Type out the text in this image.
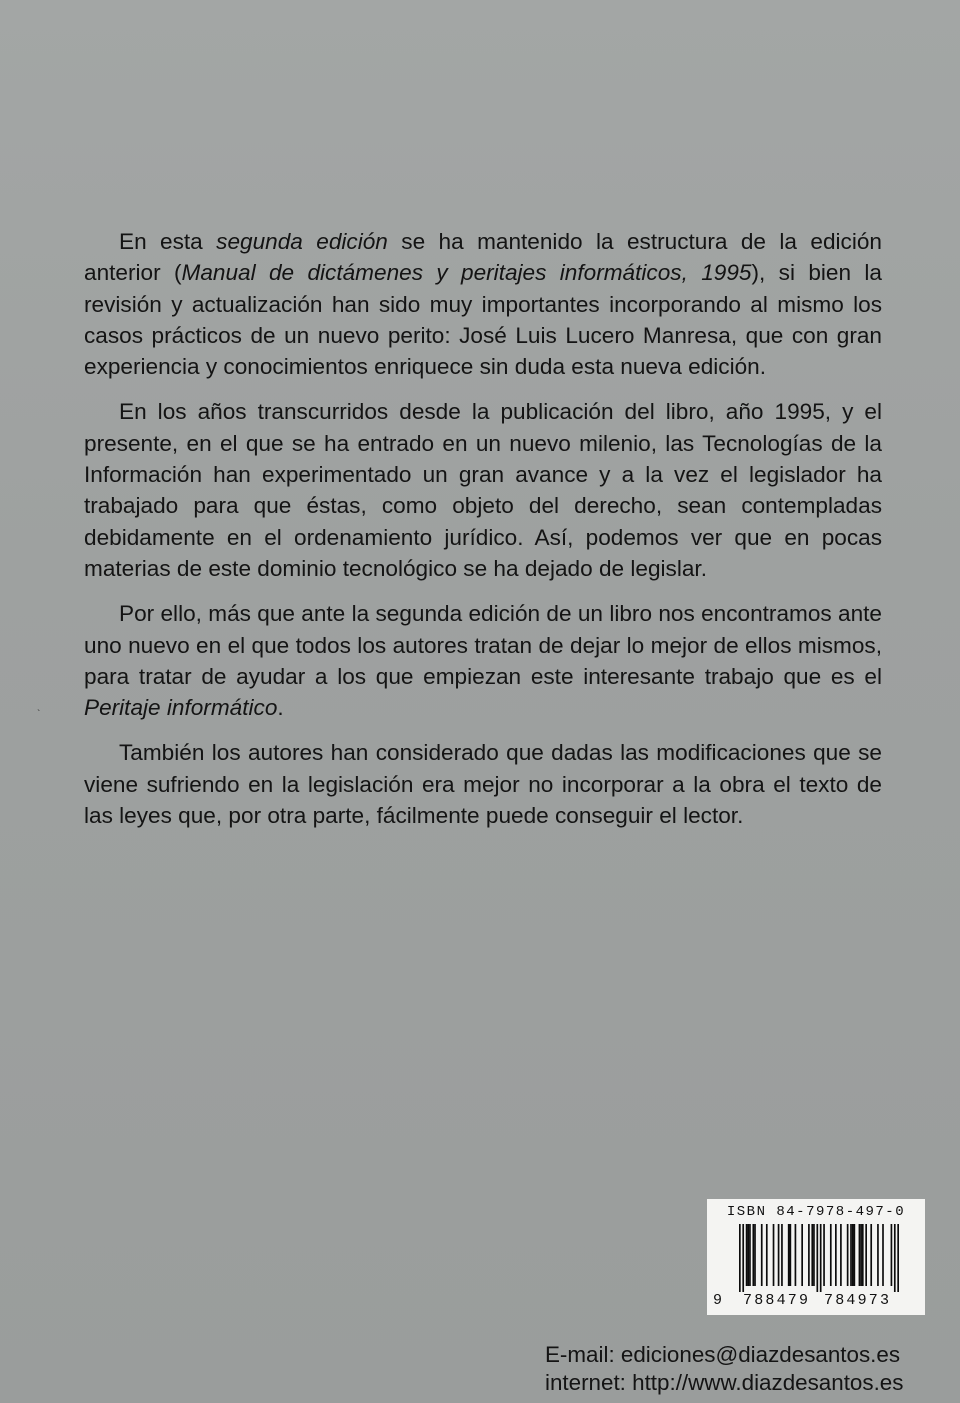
En esta segunda edición se ha mantenido la estructura de la edición anterior (Manual de dictámenes y peritajes informáticos, 1995), si bien la revisión y actualización han sido muy importantes incorporando al mismo los casos prácticos de un nuevo perito: José Luis Lucero Manresa, que con gran experiencia y conocimientos enriquece sin duda esta nueva edición.

En los años transcurridos desde la publicación del libro, año 1995, y el presente, en el que se ha entrado en un nuevo milenio, las Tecnologías de la Información han experimentado un gran avance y a la vez el legislador ha trabajado para que éstas, como objeto del derecho, sean contempladas debidamente en el ordenamiento jurídico. Así, podemos ver que en pocas materias de este dominio tecnológico se ha dejado de legislar.

Por ello, más que ante la segunda edición de un libro nos encontramos ante uno nuevo en el que todos los autores tratan de dejar lo mejor de ellos mismos, para tratar de ayudar a los que empiezan este interesante trabajo que es el Peritaje informático.

También los autores han considerado que dadas las modificaciones que se viene sufriendo en la legislación era mejor no incorporar a la obra el texto de las leyes que, por otra parte, fácilmente puede conseguir el lector.

`
ISBN 84-7978-497-0
9 788479 784973
E-mail: ediciones@diazdesantos.es
internet: http://www.diazdesantos.es
